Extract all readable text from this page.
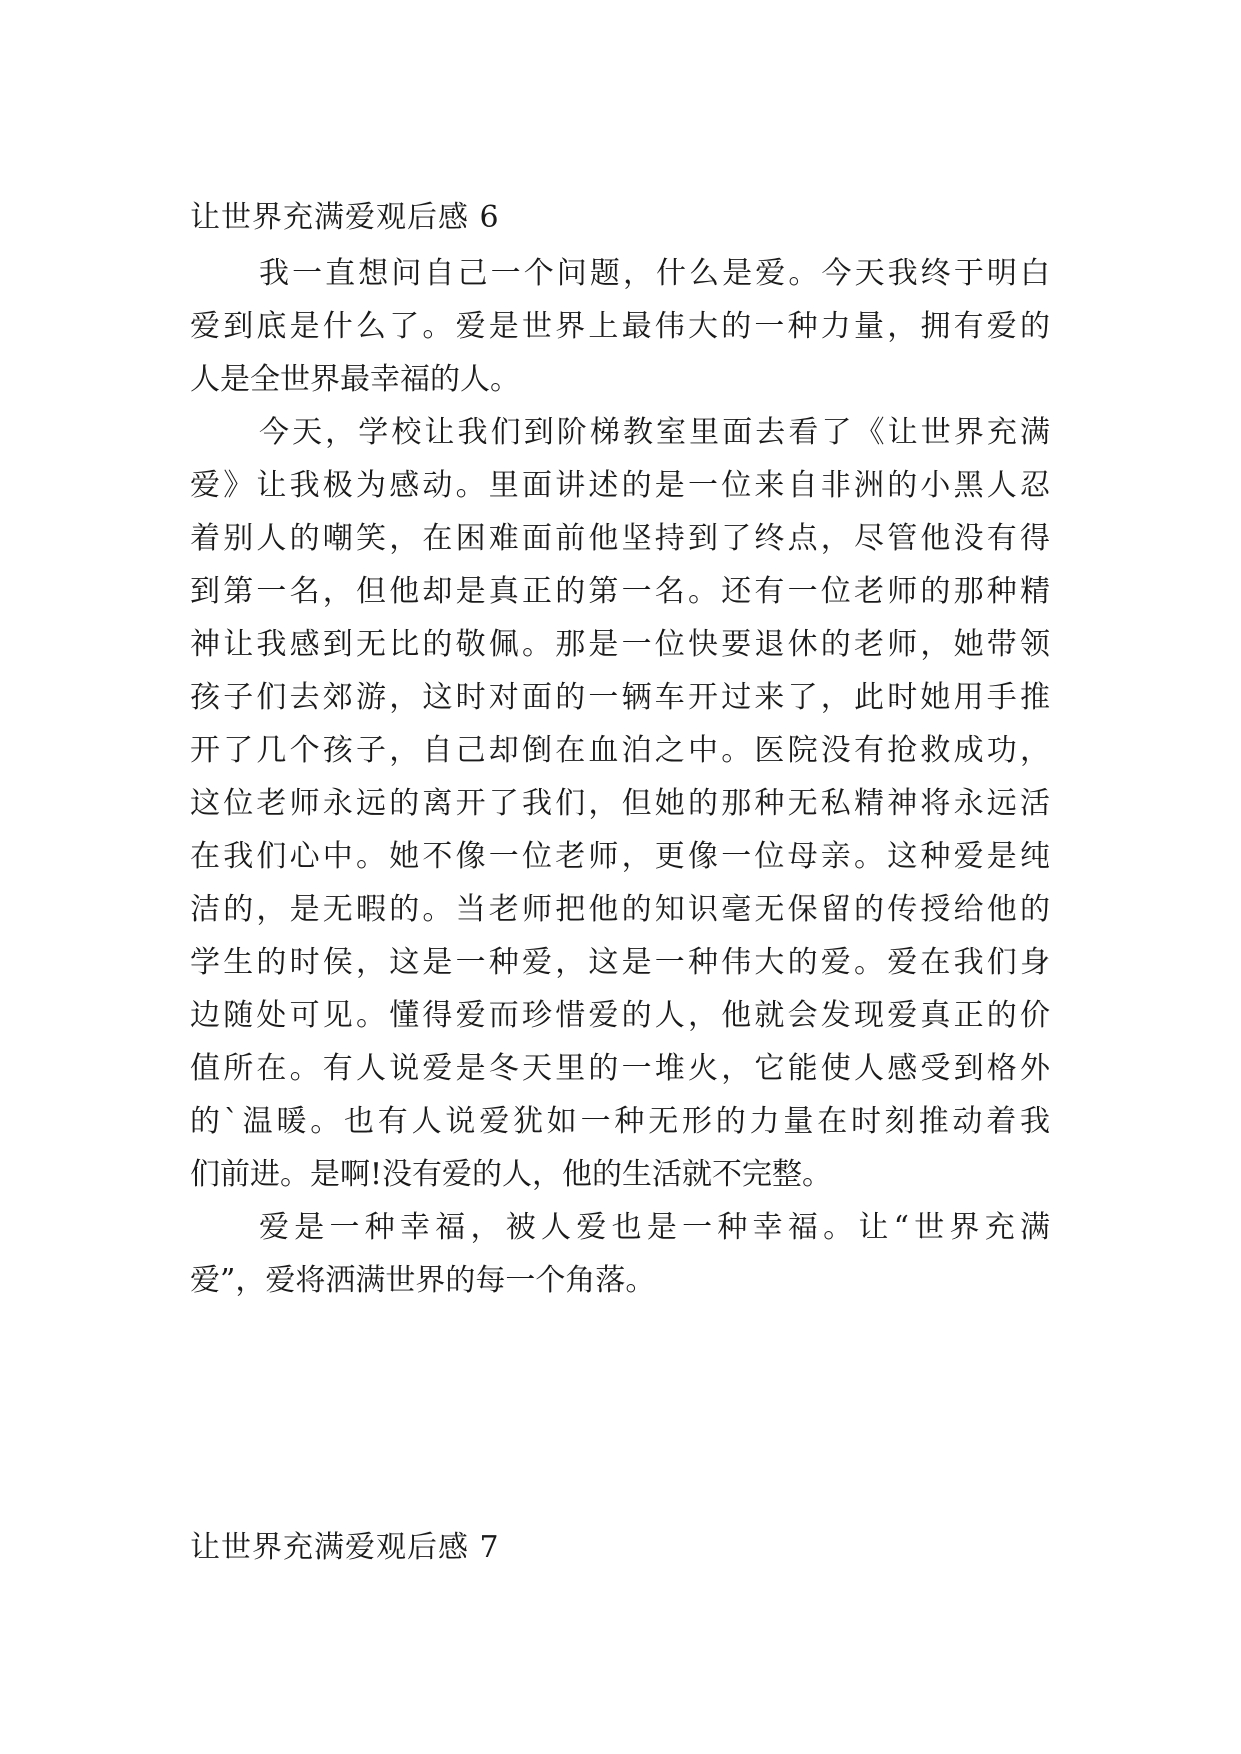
让世界充满爱观后感 6
我一直想问自己一个问题，什么是爱。今天我终于明白
爱到底是什么了。爱是世界上最伟大的一种力量，拥有爱的
人是全世界最幸福的人。
今天，学校让我们到阶梯教室里面去看了《让世界充满
爱》让我极为感动。里面讲述的是一位来自非洲的小黑人忍
着别人的嘲笑，在困难面前他坚持到了终点，尽管他没有得
到第一名，但他却是真正的第一名。还有一位老师的那种精
神让我感到无比的敬佩。那是一位快要退休的老师，她带领
孩子们去郊游，这时对面的一辆车开过来了，此时她用手推
开了几个孩子，自己却倒在血泊之中。医院没有抢救成功，
这位老师永远的离开了我们，但她的那种无私精神将永远活
在我们心中。她不像一位老师，更像一位母亲。这种爱是纯
洁的，是无暇的。当老师把他的知识毫无保留的传授给他的
学生的时侯，这是一种爱，这是一种伟大的爱。爱在我们身
边随处可见。懂得爱而珍惜爱的人，他就会发现爱真正的价
值所在。有人说爱是冬天里的一堆火，它能使人感受到格外
的`温暖。也有人说爱犹如一种无形的力量在时刻推动着我
们前进。是啊!没有爱的人，他的生活就不完整。
爱是一种幸福，被人爱也是一种幸福。让“世界充满
爱”，爱将洒满世界的每一个角落。
让世界充满爱观后感 7
